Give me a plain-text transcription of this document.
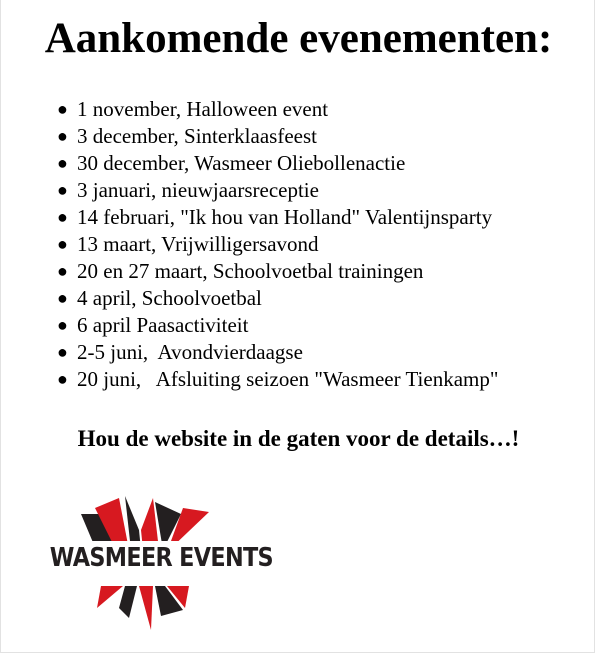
Aankomende evenementen:
● 1 november, Halloween event
● 3 december, Sinterklaasfeest
● 30 december, Wasmeer Oliebollenactie
● 3 januari, nieuwjaarsreceptie
● 14 februari, "Ik hou van Holland" Valentijnsparty
● 13 maart, Vrijwilligersavond
● 20 en 27 maart, Schoolvoetbal trainingen
● 4 april, Schoolvoetbal
● 6 april Paasactiviteit
● 2-5 juni,  Avondvierdaagse
● 20 juni,   Afsluiting seizoen "Wasmeer Tienkamp"

Hou de website in de gaten voor de details…!

WASMEER EVENTS
